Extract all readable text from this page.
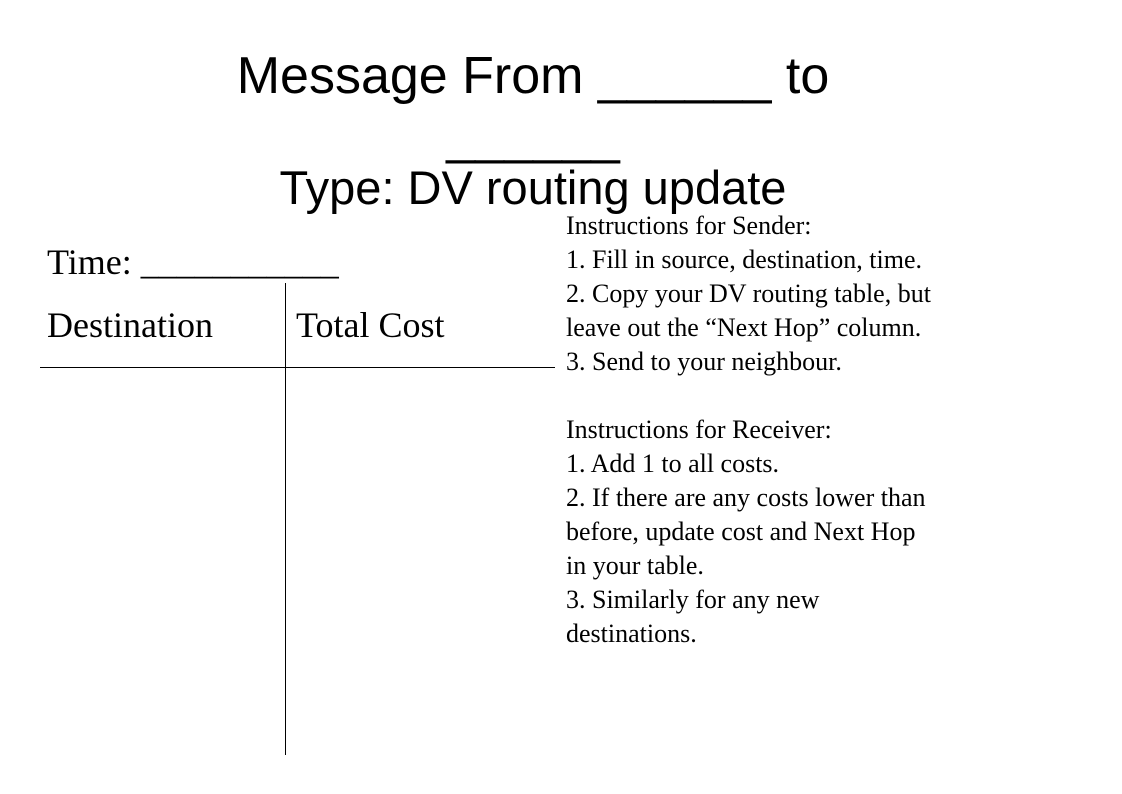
Message From ______ to
______
Type: DV routing update
Time: ___________
Destination Total Cost
Instructions for Sender:
1. Fill in source, destination, time.
2. Copy your DV routing table, but
leave out the “Next Hop” column.
3. Send to your neighbour.
Instructions for Receiver:
1. Add 1 to all costs.
2. If there are any costs lower than
before, update cost and Next Hop
in your table.
3. Similarly for any new
destinations.
